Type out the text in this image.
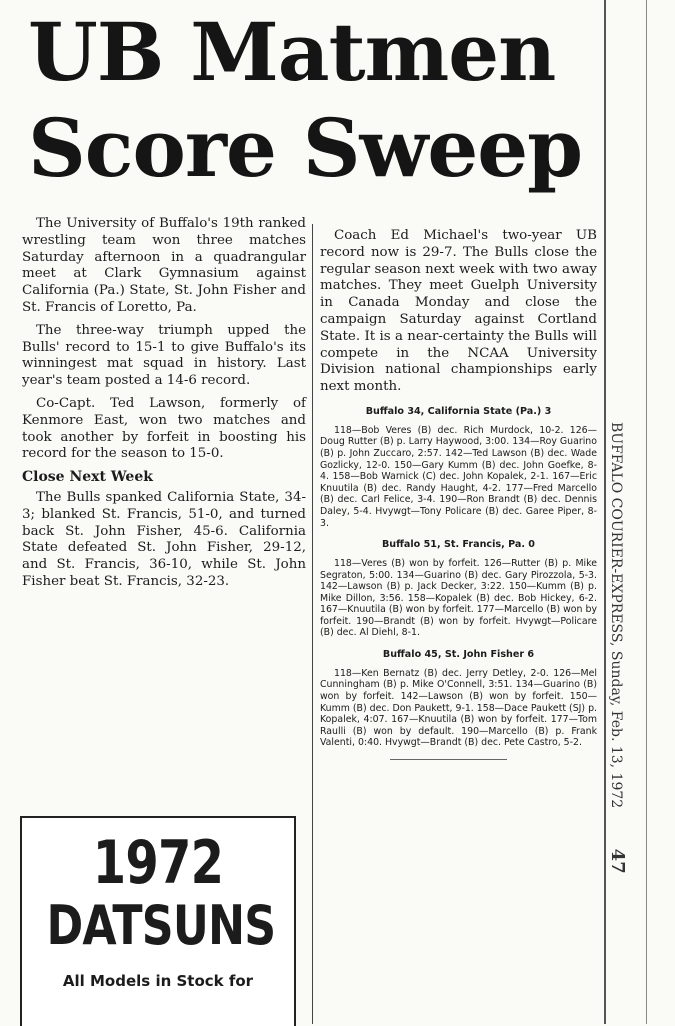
UB Matmen
Score Sweep

The University of Buffalo's 19th ranked wrestling team won three matches Saturday afternoon in a quadrangular meet at Clark Gymnasium against California (Pa.) State, St. John Fisher and St. Francis of Loretto, Pa.

The three-way triumph upped the Bulls' record to 15-1 to give Buffalo's its winningest mat squad in history. Last year's team posted a 14-6 record.

Co-Capt. Ted Lawson, formerly of Kenmore East, won two matches and took another by forfeit in boosting his record for the season to 15-0.

Close Next Week

The Bulls spanked California State, 34-3; blanked St. Francis, 51-0, and turned back St. John Fisher, 45-6. California State defeated St. John Fisher, 29-12, and St. Francis, 36-10, while St. John Fisher beat St. Francis, 32-23.

Coach Ed Michael's two-year UB record now is 29-7. The Bulls close the regular season next week with two away matches. They meet Guelph University in Canada Monday and close the campaign Saturday against Cortland State. It is a near-certainty the Bulls will compete in the NCAA University Division national championships early next month.

Buffalo 34, California State (Pa.) 3

118—Bob Veres (B) dec. Rich Murdock, 10-2. 126—Doug Rutter (B) p. Larry Haywood, 3:00. 134—Roy Guarino (B) p. John Zuccaro, 2:57. 142—Ted Lawson (B) dec. Wade Gozlicky, 12-0. 150—Gary Kumm (B) dec. John Goefke, 8-4. 158—Bob Warnick (C) dec. John Kopalek, 2-1. 167—Eric Knuutila (B) dec. Randy Haught, 4-2. 177—Fred Marcello (B) dec. Carl Felice, 3-4. 190—Ron Brandt (B) dec. Dennis Daley, 5-4. Hvywgt—Tony Policare (B) dec. Garee Piper, 8-3.

Buffalo 51, St. Francis, Pa. 0

118—Veres (B) won by forfeit. 126—Rutter (B) p. Mike Segraton, 5:00. 134—Guarino (B) dec. Gary Pirozzola, 5-3. 142—Lawson (B) p. Jack Decker, 3:22. 150—Kumm (B) p. Mike Dillon, 3:56. 158—Kopalek (B) dec. Bob Hickey, 6-2. 167—Knuutila (B) won by forfeit. 177—Marcello (B) won by forfeit. 190—Brandt (B) won by forfeit. Hvywgt—Policare (B) dec. Al Diehl, 8-1.

Buffalo 45, St. John Fisher 6

118—Ken Bernatz (B) dec. Jerry Detley, 2-0. 126—Mel Cunningham (B) p. Mike O'Connell, 3:51. 134—Guarino (B) won by forfeit. 142—Lawson (B) won by forfeit. 150—Kumm (B) dec. Don Paukett, 9-1. 158—Dace Paukett (SJ) p. Kopalek, 4:07. 167—Knuutila (B) won by forfeit. 177—Tom Raulli (B) won by default. 190—Marcello (B) p. Frank Valenti, 0:40. Hvywgt—Brandt (B) dec. Pete Castro, 5-2.

1972
DATSUNS
All Models in Stock for
BUFFALO COURIER-EXPRESS, Sunday, Feb. 13, 1972 47
